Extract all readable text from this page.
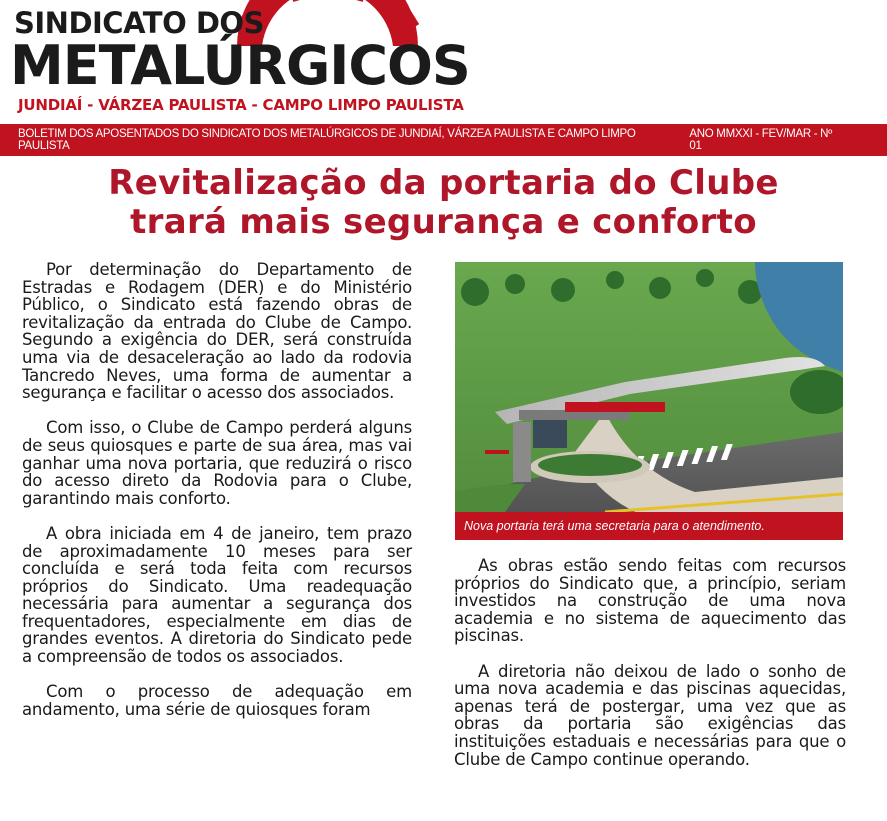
SINDICATO DOS
METALÚRGICOS
JUNDIAÍ - VÁRZEA PAULISTA - CAMPO LIMPO PAULISTA
BOLETIM DOS APOSENTADOS DO SINDICATO DOS METALÚRGICOS DE JUNDIAÍ, VÁRZEA PAULISTA E CAMPO LIMPO PAULISTA
ANO MMXXI - FEV/MAR - Nº 01
Revitalização da portaria do Clube
trará mais segurança e conforto

Por determinação do Departamento de Estradas e Rodagem (DER) e do Ministério Público, o Sindicato está fazendo obras de revitalização da entrada do Clube de Campo. Segundo a exigência do DER, será construída uma via de desaceleração ao lado da rodovia Tancredo Neves, uma forma de aumentar a segurança e facilitar o acesso dos associados.

Com isso, o Clube de Campo perderá alguns de seus quiosques e parte de sua área, mas vai ganhar uma nova portaria, que reduzirá o risco do acesso direto da Rodovia para o Clube, garantindo mais conforto.

A obra iniciada em 4 de janeiro, tem prazo de aproximadamente 10 meses para ser concluída e será toda feita com recursos próprios do Sindicato. Uma readequação necessária para aumentar a segurança dos frequentadores, especialmente em dias de grandes eventos. A diretoria do Sindicato pede a compreensão de todos os associados.

Com o processo de adequação em andamento, uma série de quiosques foram

Nova portaria terá uma secretaria para o atendimento.

As obras estão sendo feitas com recursos próprios do Sindicato que, a princípio, seriam investidos na construção de uma nova academia e no sistema de aquecimento das piscinas.

A diretoria não deixou de lado o sonho de uma nova academia e das piscinas aquecidas, apenas terá de postergar, uma vez que as obras da portaria são exigências das instituições estaduais e necessárias para que o Clube de Campo continue operando.
